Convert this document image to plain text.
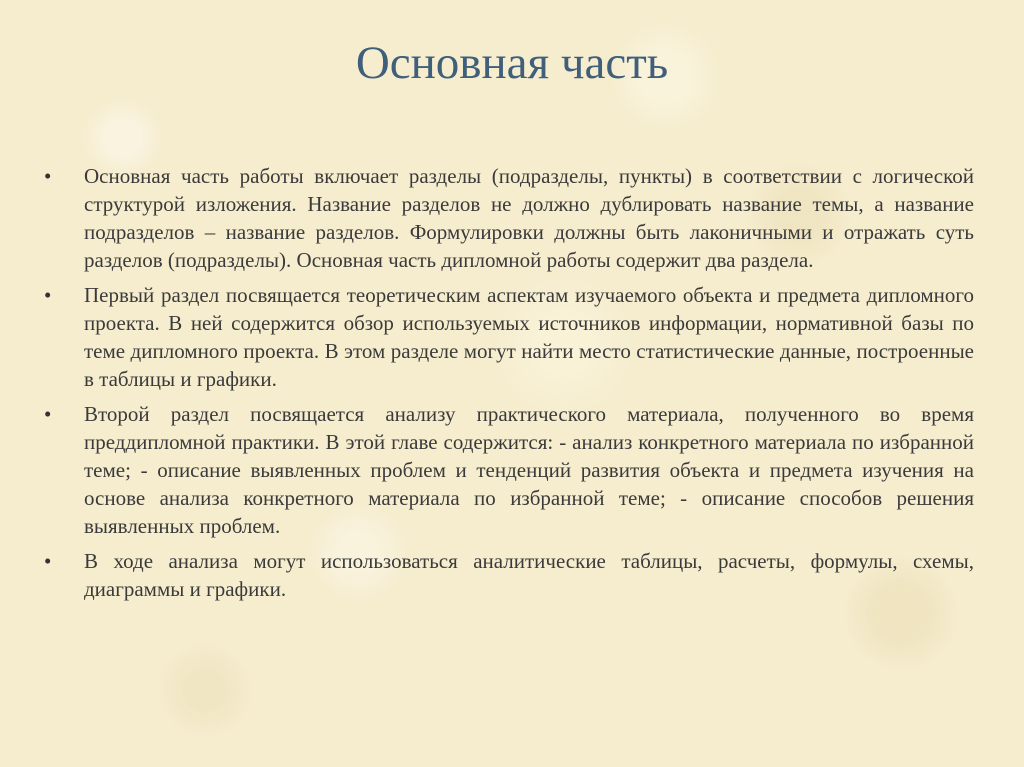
Основная часть
• Основная часть работы включает разделы (подразделы, пункты) в соответствии с логической структурой изложения. Название разделов не должно дублировать название темы, а название подразделов – название разделов. Формулировки должны быть лаконичными и отражать суть разделов (подразделы). Основная часть дипломной работы содержит два раздела.
• Первый раздел посвящается теоретическим аспектам изучаемого объекта и предмета дипломного проекта. В ней содержится обзор используемых источников информации, нормативной базы по теме дипломного проекта. В этом разделе могут найти место статистические данные, построенные в таблицы и графики.
• Второй раздел посвящается анализу практического материала, полученного во время преддипломной практики. В этой главе содержится: - анализ конкретного материала по избранной теме; - описание выявленных проблем и тенденций развития объекта и предмета изучения на основе анализа конкретного материала по избранной теме; - описание способов решения выявленных проблем.
• В ходе анализа могут использоваться аналитические таблицы, расчеты, формулы, схемы, диаграммы и графики.
